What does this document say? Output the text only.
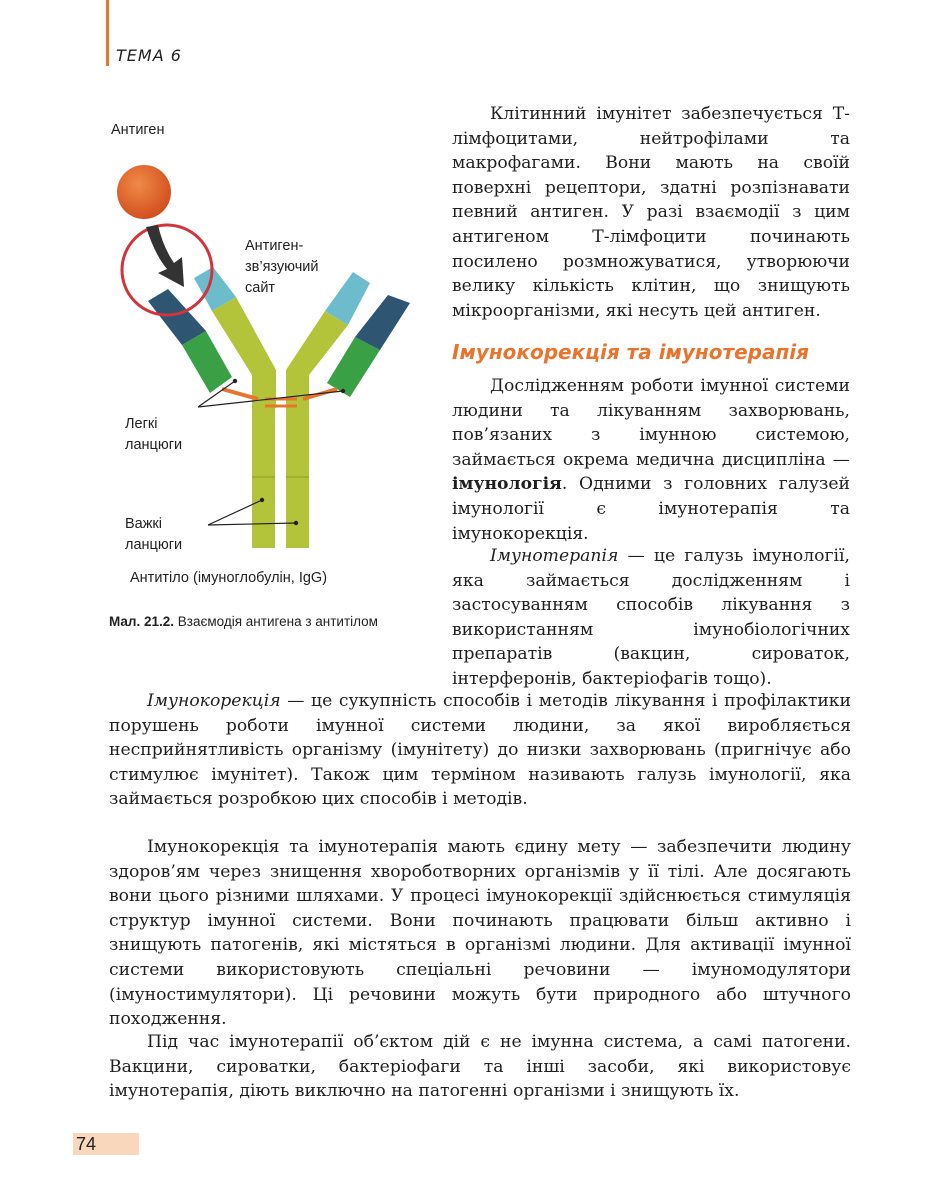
ТЕМА 6
Антиген
Антиген-
зв’язуючий
сайт
Легкі
ланцюги
Важкі
ланцюги
Антитіло (імуноглобулін, IgG)
Мал. 21.2. Взаємодія антигена з антитілом

Клітинний імунітет забезпечується Т-лімфоцитами, нейтрофілами та макрофагами. Вони мають на своїй поверхні рецептори, здатні розпізнавати певний антиген. У разі взаємодії з цим антигеном Т-лімфоцити починають посилено розмножуватися, утворюючи велику кількість клітин, що знищують мікроорганізми, які несуть цей антиген.

Імунокорекція та імунотерапія

Дослідженням роботи імунної системи людини та лікуванням захворювань, пов’язаних з імунною системою, займається окрема медична дисципліна — імунологія. Одними з головних галузей імунології є імунотерапія та імунокорекція.

Імунотерапія — це галузь імунології, яка займається дослідженням і застосуванням способів лікування з використанням імунобіологічних препаратів (вакцин, сироваток, інтерферонів, бактеріофагів тощо).

Імунокорекція — це сукупність способів і методів лікування і профілактики порушень роботи імунної системи людини, за якої виробляється несприйнятливість організму (імунітету) до низки захворювань (пригнічує або стимулює імунітет). Також цим терміном називають галузь імунології, яка займається розробкою цих способів і методів.

Імунокорекція та імунотерапія мають єдину мету — забезпечити людину здоров’ям через знищення хвороботворних організмів у її тілі. Але досягають вони цього різними шляхами. У процесі імунокорекції здійснюється стимуляція структур імунної системи. Вони починають працювати більш активно і знищують патогенів, які містяться в організмі людини. Для активації імунної системи використовують спеціальні речовини — імуномодулятори (імуностимулятори). Ці речовини можуть бути природного або штучного походження.

Під час імунотерапії об’єктом дій є не імунна система, а самі патогени. Вакцини, сироватки, бактеріофаги та інші засоби, які використовує імунотерапія, діють виключно на патогенні організми і знищують їх.

74
